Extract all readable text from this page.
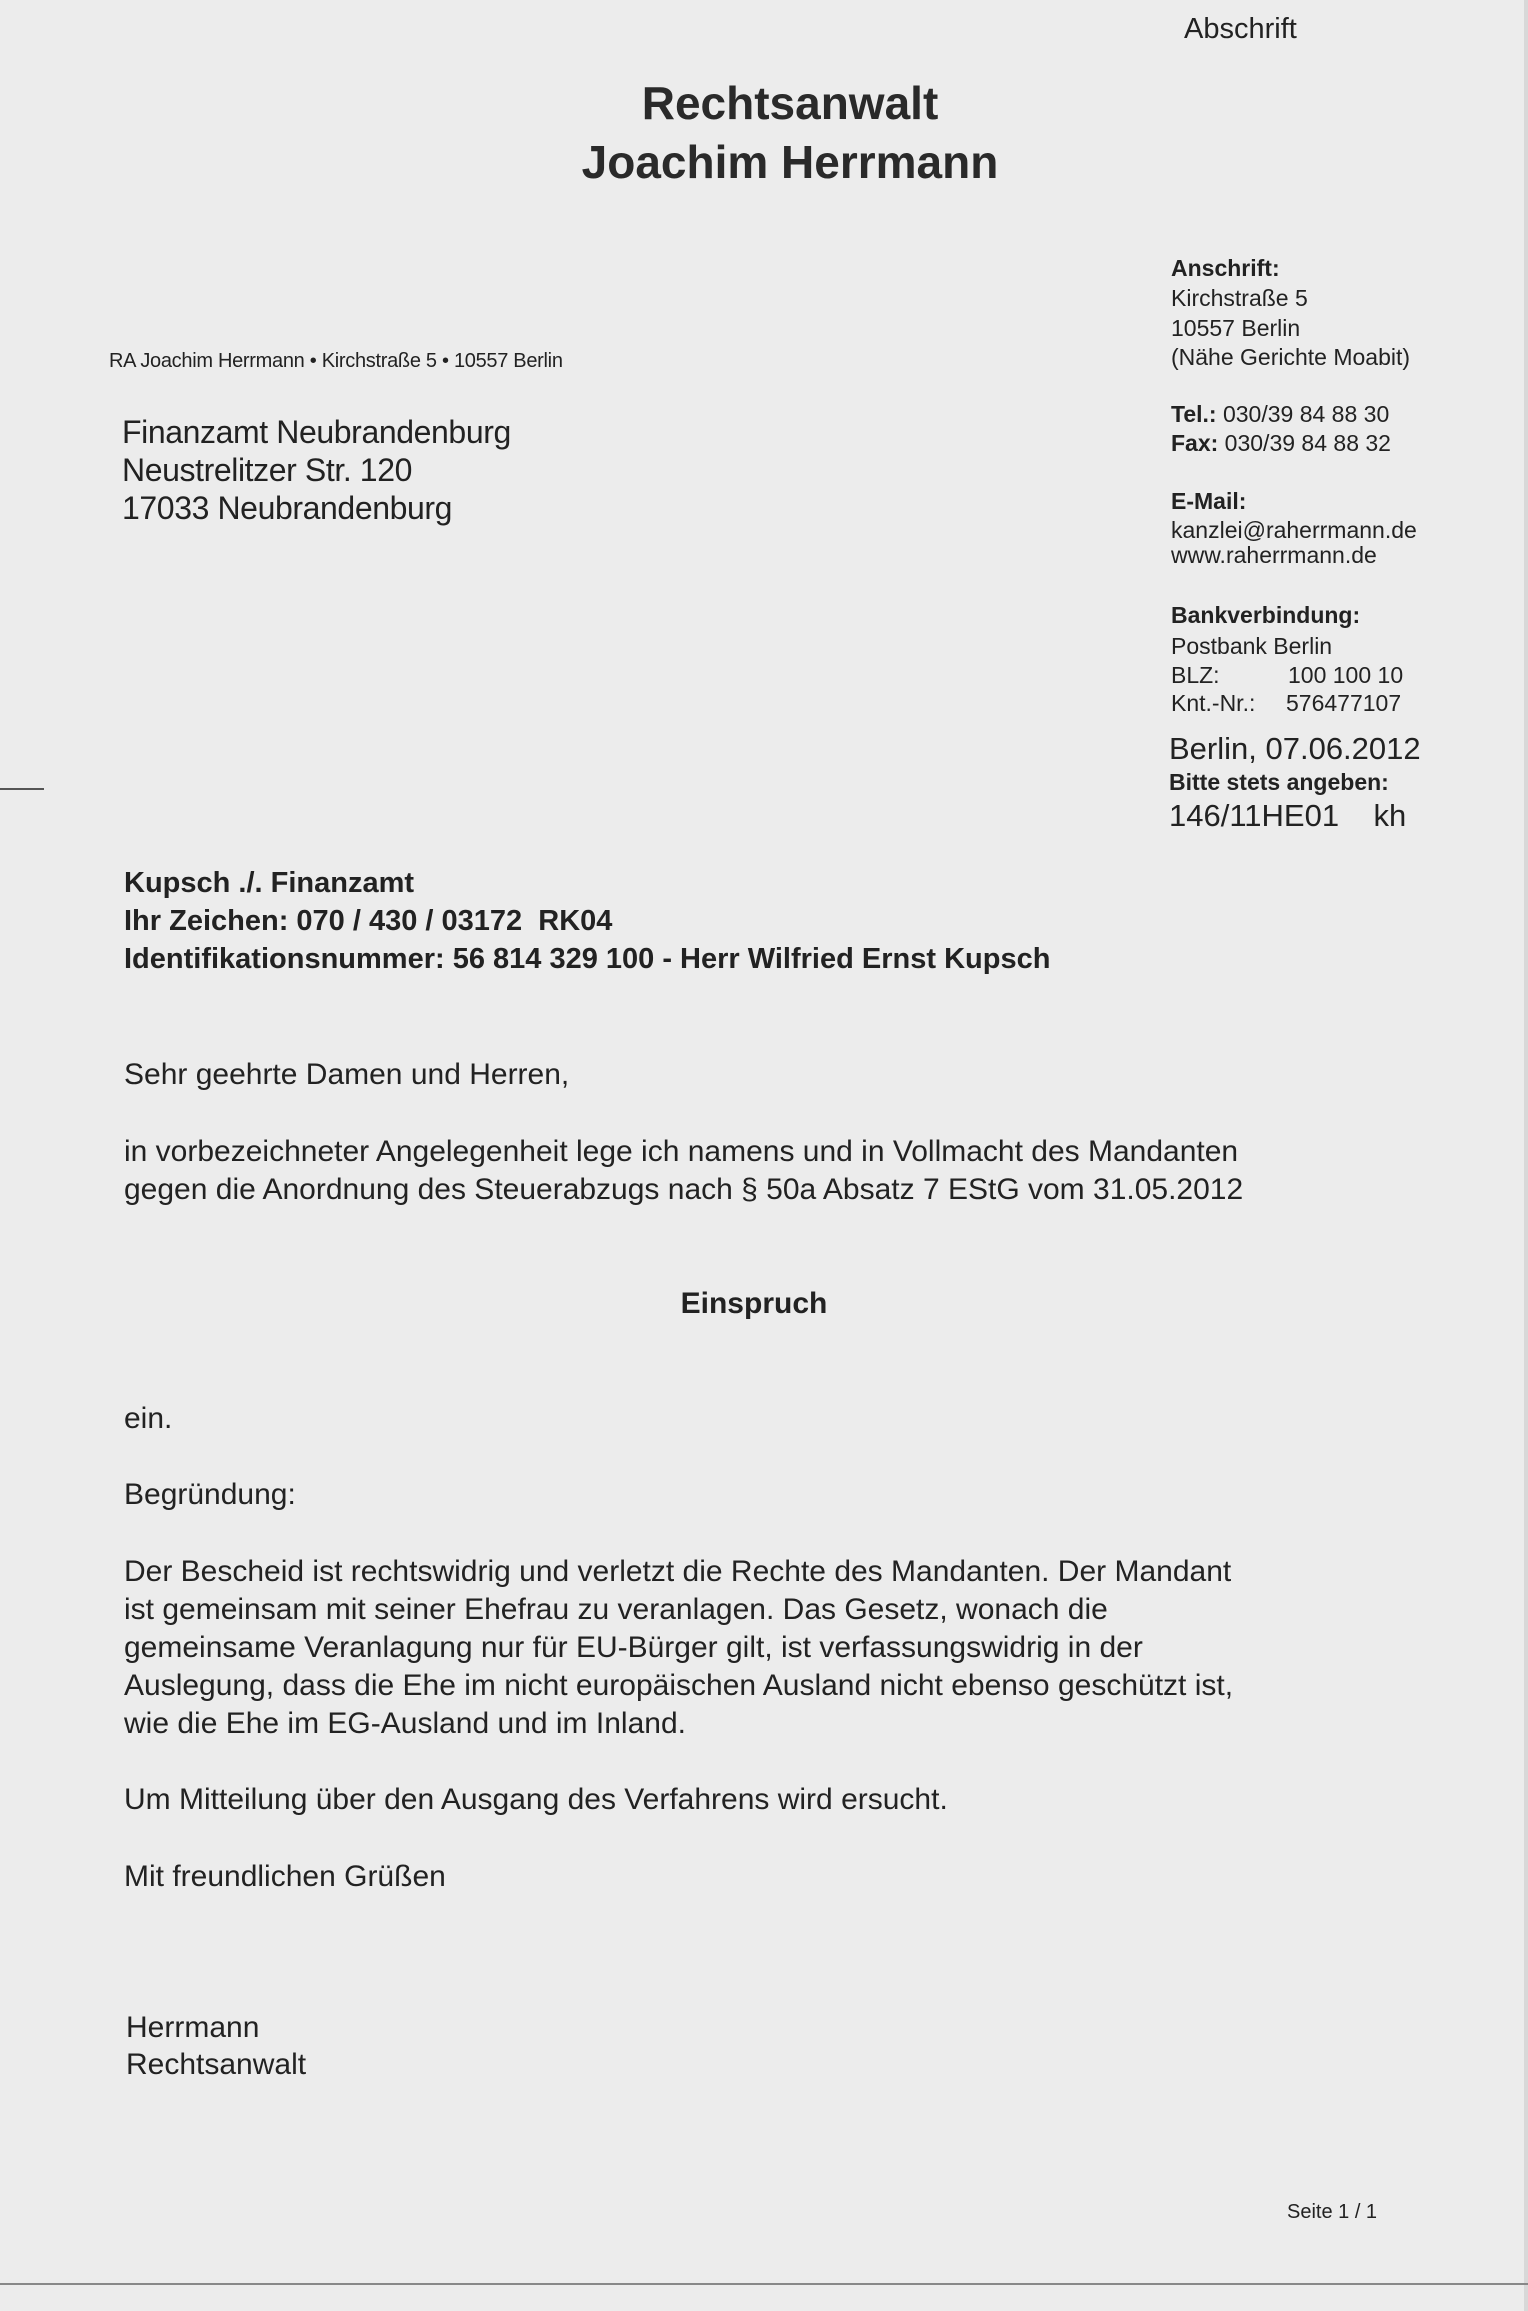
Abschrift
Rechtsanwalt
Joachim Herrmann
RA Joachim Herrmann • Kirchstraße 5 • 10557 Berlin
Finanzamt Neubrandenburg
Neustrelitzer Str. 120
17033 Neubrandenburg
Anschrift:
Kirchstraße 5
10557 Berlin
(Nähe Gerichte Moabit)
Tel.: 030/39 84 88 30
Fax: 030/39 84 88 32
E-Mail:
kanzlei@raherrmann.de
www.raherrmann.de
Bankverbindung:
Postbank Berlin
BLZ:	100 100 10
Knt.-Nr.: 576477107
Berlin, 07.06.2012
Bitte stets angeben:
146/11HE01    kh
Kupsch ./. Finanzamt
Ihr Zeichen: 070 / 430 / 03172  RK04
Identifikationsnummer: 56 814 329 100 - Herr Wilfried Ernst Kupsch
Sehr geehrte Damen und Herren,
in vorbezeichneter Angelegenheit lege ich namens und in Vollmacht des Mandanten
gegen die Anordnung des Steuerabzugs nach § 50a Absatz 7 EStG vom 31.05.2012
Einspruch
ein.
Begründung:
Der Bescheid ist rechtswidrig und verletzt die Rechte des Mandanten. Der Mandant
ist gemeinsam mit seiner Ehefrau zu veranlagen. Das Gesetz, wonach die
gemeinsame Veranlagung nur für EU-Bürger gilt, ist verfassungswidrig in der
Auslegung, dass die Ehe im nicht europäischen Ausland nicht ebenso geschützt ist,
wie die Ehe im EG-Ausland und im Inland.
Um Mitteilung über den Ausgang des Verfahrens wird ersucht.
Mit freundlichen Grüßen
Herrmann
Rechtsanwalt
Seite 1 / 1
